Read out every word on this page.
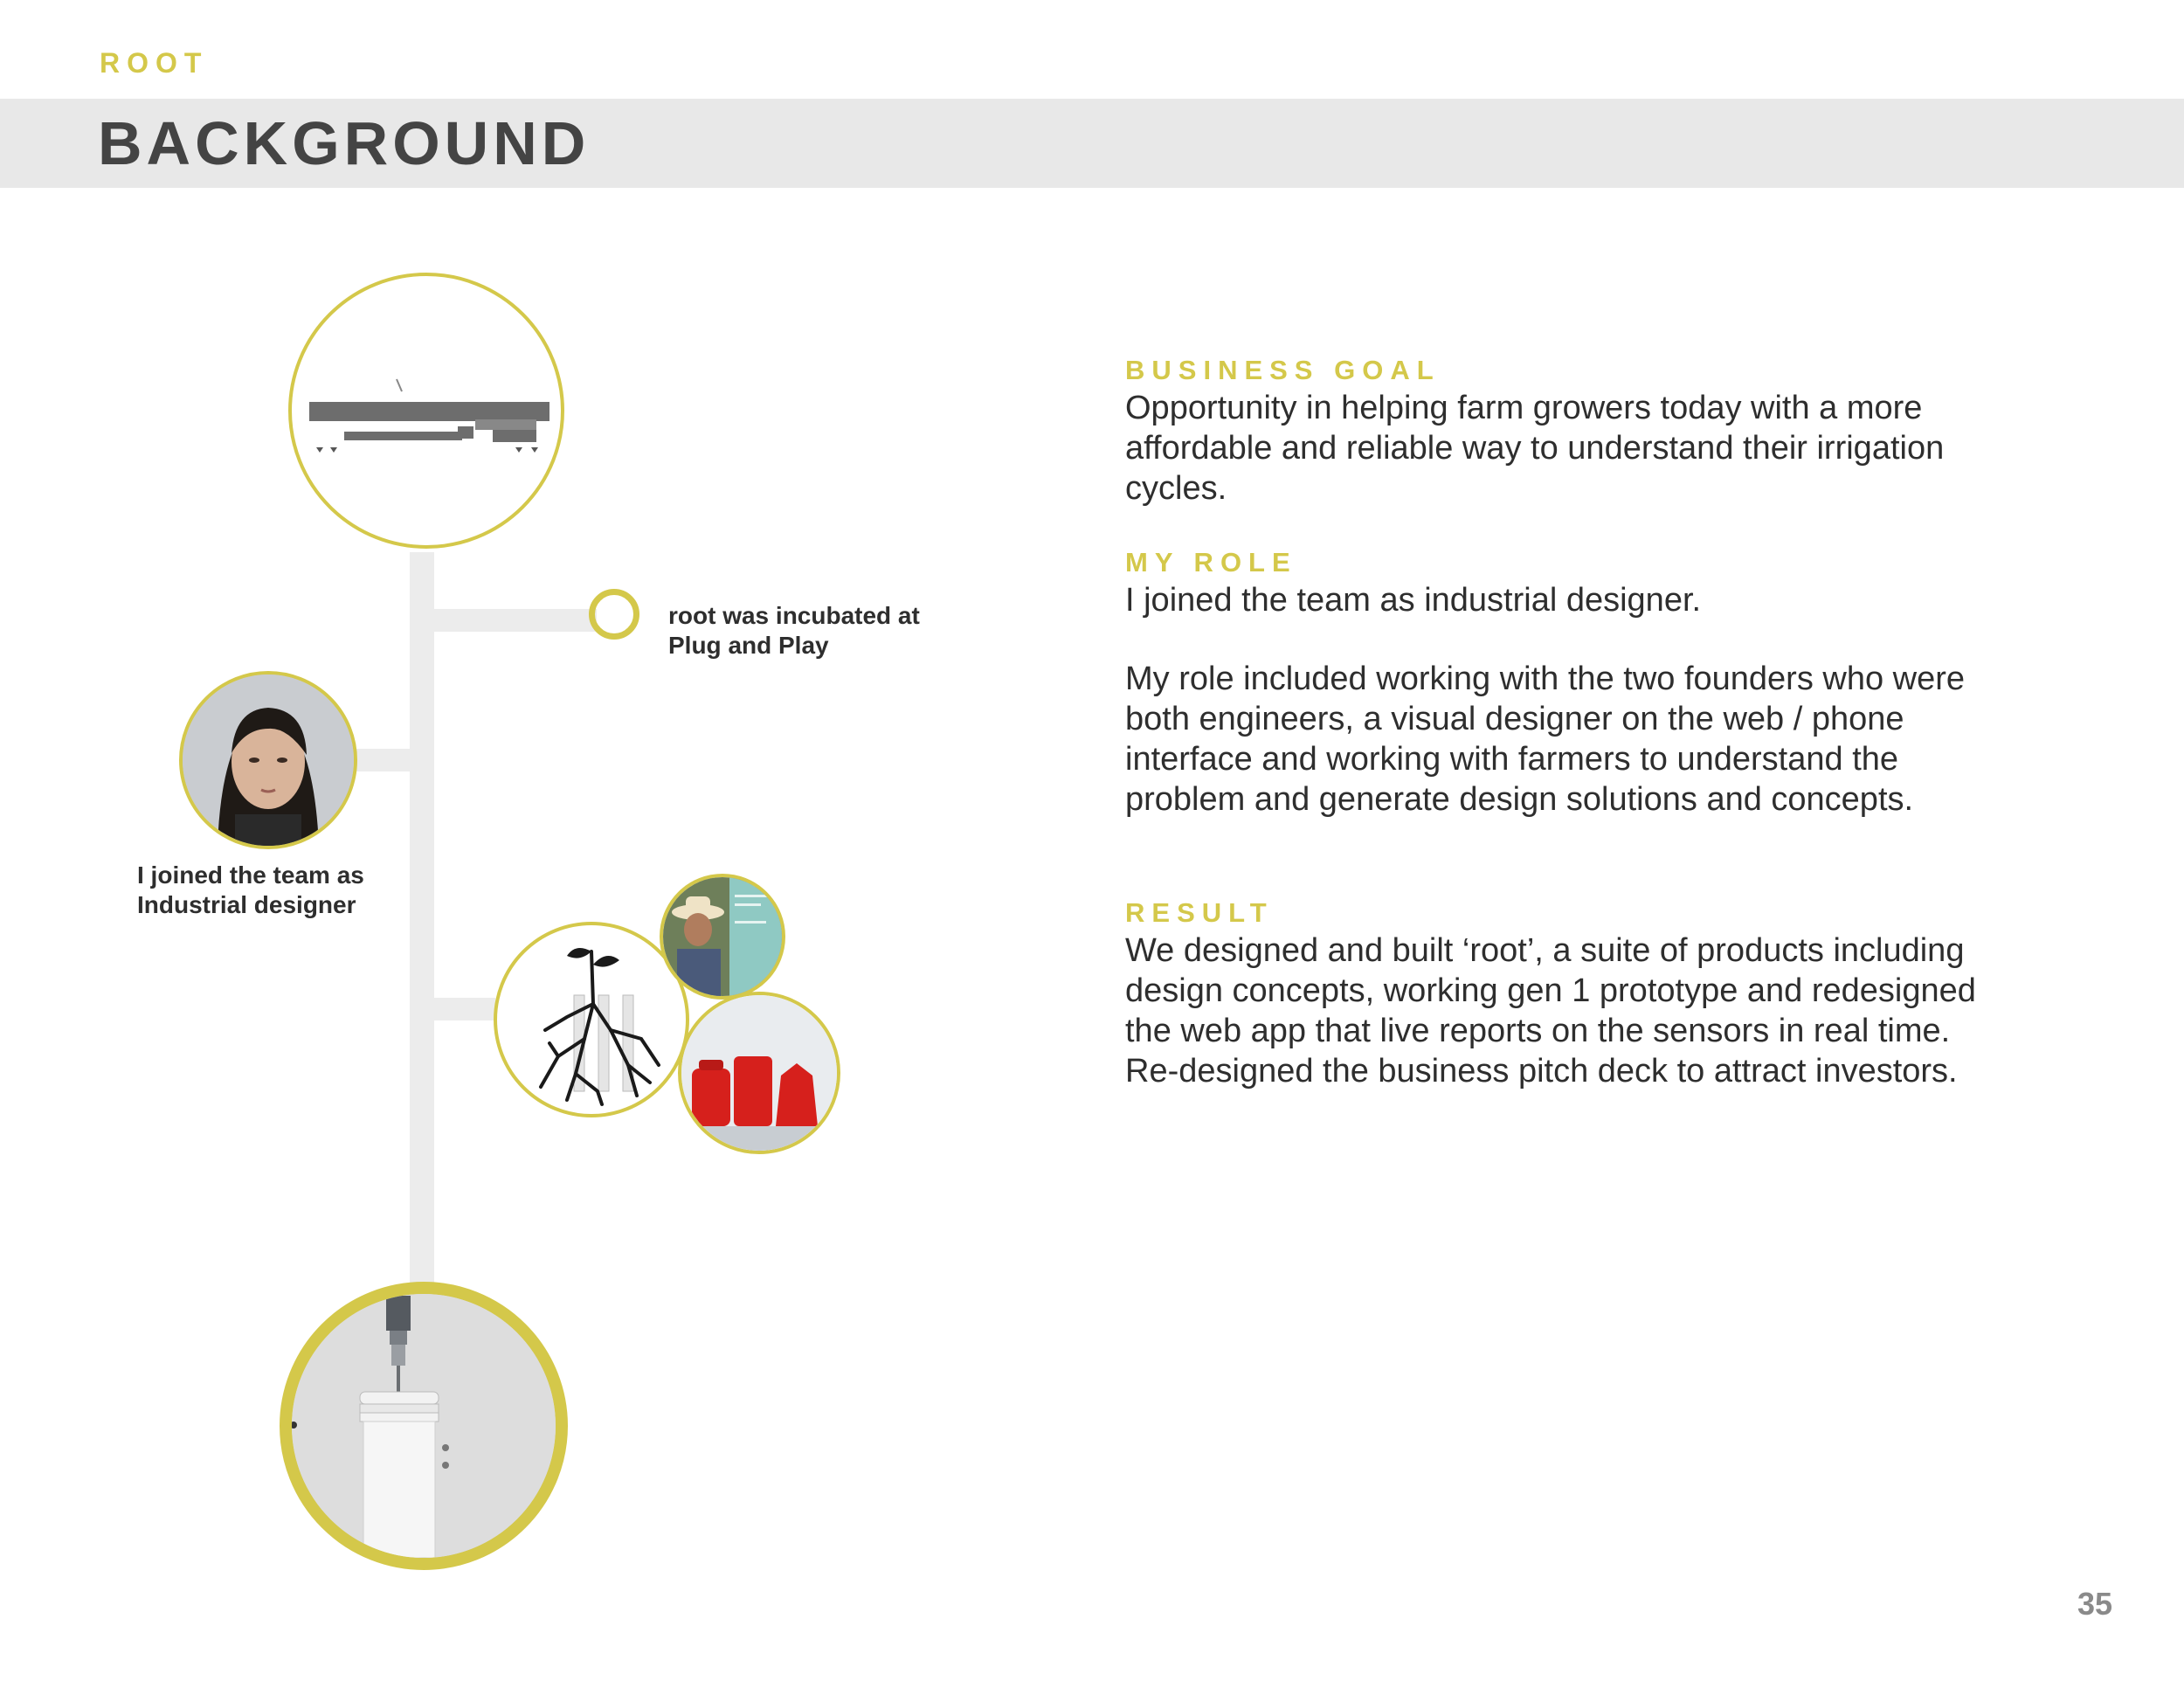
ROOT
BACKGROUND
root was incubated at
Plug and Play
I joined the team as
Industrial designer
BUSINESS GOAL

Opportunity in helping farm growers today with a more affordable and reliable way to understand their irrigation cycles.

MY ROLE

I joined the team as industrial designer.

My role included working with the two founders who were both engineers, a visual designer on the web / phone interface and working with farmers to understand the problem and generate design solutions and concepts.

RESULT

We designed and built ‘root’, a suite of products including design concepts, working gen 1 prototype and redesigned the web app that live reports on the sensors in real time. Re-designed the business pitch deck to attract investors.

35
